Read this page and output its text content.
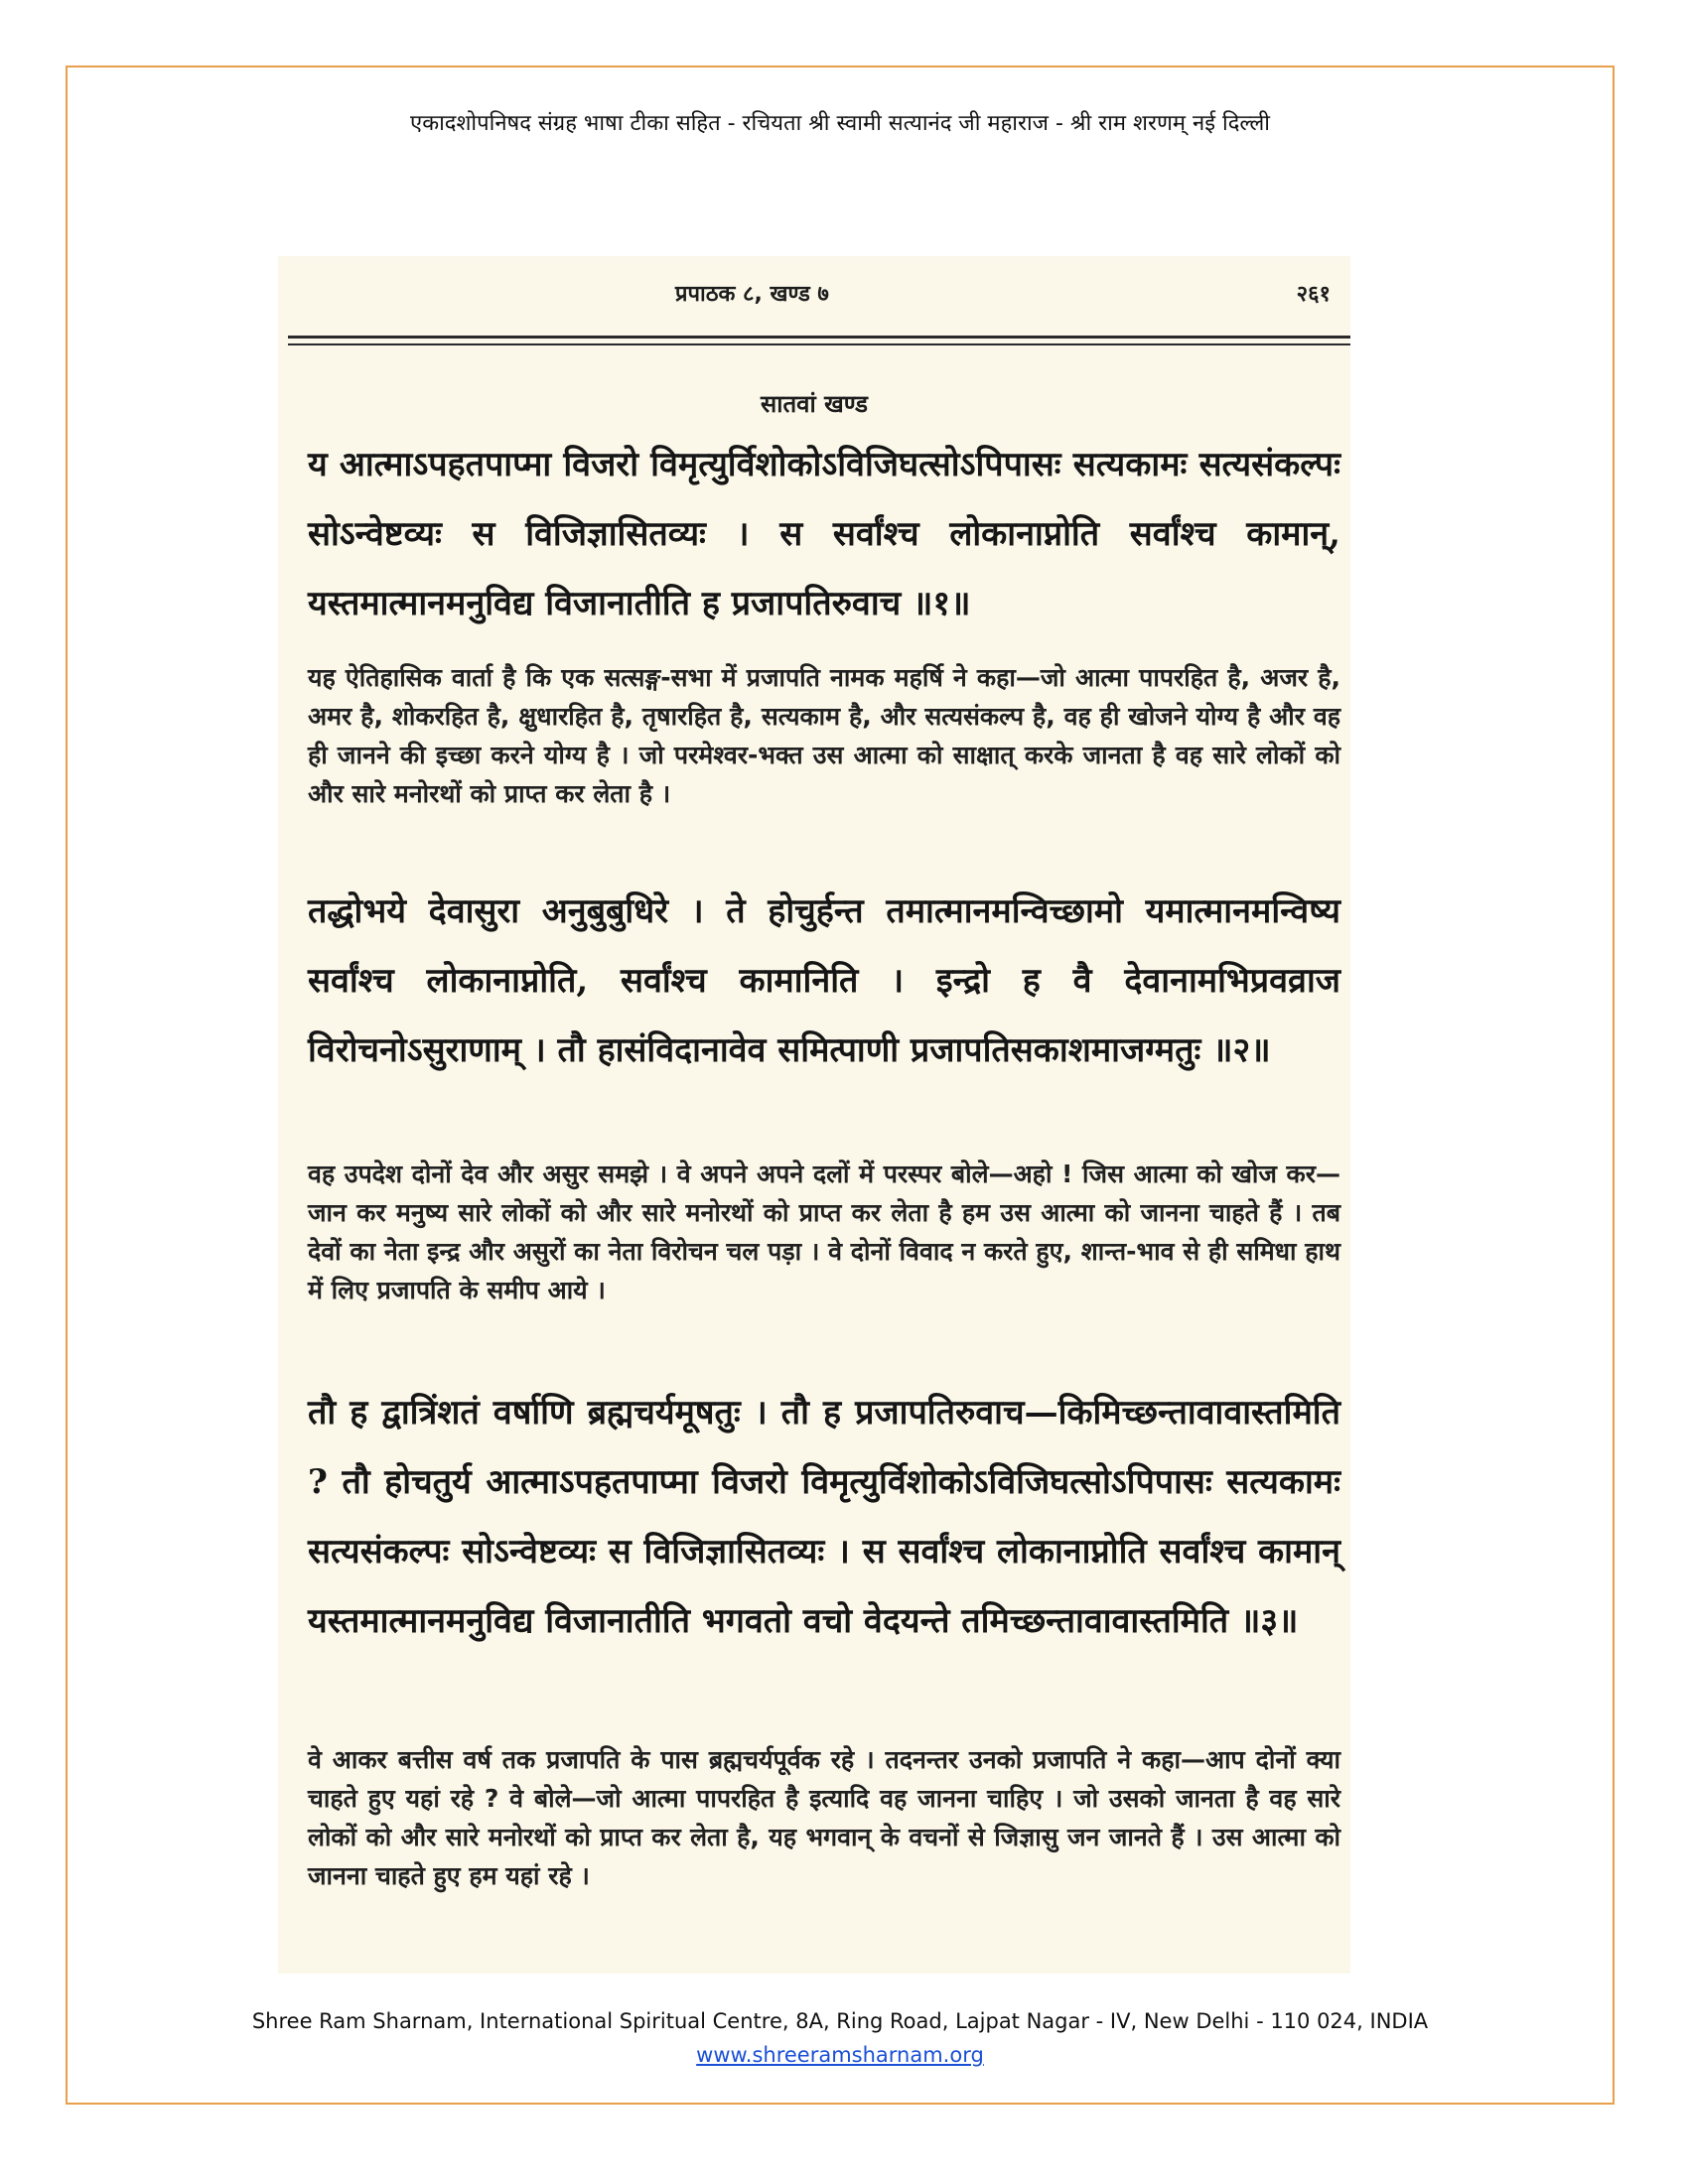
एकादशोपनिषद संग्रह भाषा टीका सहित - रचियता श्री स्वामी सत्यानंद जी महाराज - श्री राम शरणम् नई दिल्ली
प्रपाठक ८, खण्ड ७	२६१
सातवां खण्ड
य आत्माऽपहतपाप्मा विजरो विमृत्युर्विशोकोऽविजिघत्सोऽपिपासः सत्यकामः सत्यसंकल्पः सोऽन्वेष्टव्यः स विजिज्ञासितव्यः । स सर्वांश्च लोकानाप्नोति सर्वांश्च कामान्, यस्तमात्मानमनुविद्य विजानातीति ह प्रजापतिरुवाच ॥१॥
यह ऐतिहासिक वार्ता है कि एक सत्सङ्ग-सभा में प्रजापति नामक महर्षि ने कहा—जो आत्मा पापरहित है, अजर है, अमर है, शोकरहित है, क्षुधारहित है, तृषारहित है, सत्यकाम है, और सत्यसंकल्प है, वह ही खोजने योग्य है और वह ही जानने की इच्छा करने योग्य है । जो परमेश्वर-भक्त उस आत्मा को साक्षात् करके जानता है वह सारे लोकों को और सारे मनोरथों को प्राप्त कर लेता है ।
तद्धोभये देवासुरा अनुबुबुधिरे । ते होचुर्हन्त तमात्मानमन्विच्छामो यमात्मानमन्विष्य सर्वांश्च लोकानाप्नोति, सर्वांश्च कामानिति । इन्द्रो ह वै देवानामभिप्रवव्राज विरोचनोऽसुराणाम् । तौ हासंविदानावेव समित्पाणी प्रजापतिसकाशमाजग्मतुः ॥२॥
वह उपदेश दोनों देव और असुर समझे । वे अपने अपने दलों में परस्पर बोले—अहो ! जिस आत्मा को खोज कर—जान कर मनुष्य सारे लोकों को और सारे मनोरथों को प्राप्त कर लेता है हम उस आत्मा को जानना चाहते हैं । तब देवों का नेता इन्द्र और असुरों का नेता विरोचन चल पड़ा । वे दोनों विवाद न करते हुए, शान्त-भाव से ही समिधा हाथ में लिए प्रजापति के समीप आये ।
तौ ह द्वात्रिंशतं वर्षाणि ब्रह्मचर्यमूषतुः । तौ ह प्रजापतिरुवाच—किमिच्छन्तावावास्तमिति ? तौ होचतुर्य आत्माऽपहतपाप्मा विजरो विमृत्युर्विशोकोऽविजिघत्सोऽपिपासः सत्यकामः सत्यसंकल्पः सोऽन्वेष्टव्यः स विजिज्ञासितव्यः । स सर्वांश्च लोकानाप्नोति सर्वांश्च कामान् यस्तमात्मानमनुविद्य विजानातीति भगवतो वचो वेदयन्ते तमिच्छन्तावावास्तमिति ॥३॥
वे आकर बत्तीस वर्ष तक प्रजापति के पास ब्रह्मचर्यपूर्वक रहे । तदनन्तर उनको प्रजापति ने कहा—आप दोनों क्या चाहते हुए यहां रहे ? वे बोले—जो आत्मा पापरहित है इत्यादि वह जानना चाहिए । जो उसको जानता है वह सारे लोकों को और सारे मनोरथों को प्राप्त कर लेता है, यह भगवान् के वचनों से जिज्ञासु जन जानते हैं । उस आत्मा को जानना चाहते हुए हम यहां रहे ।
Shree Ram Sharnam, International Spiritual Centre, 8A, Ring Road, Lajpat Nagar - IV, New Delhi - 110 024, INDIA
www.shreeramsharnam.org
